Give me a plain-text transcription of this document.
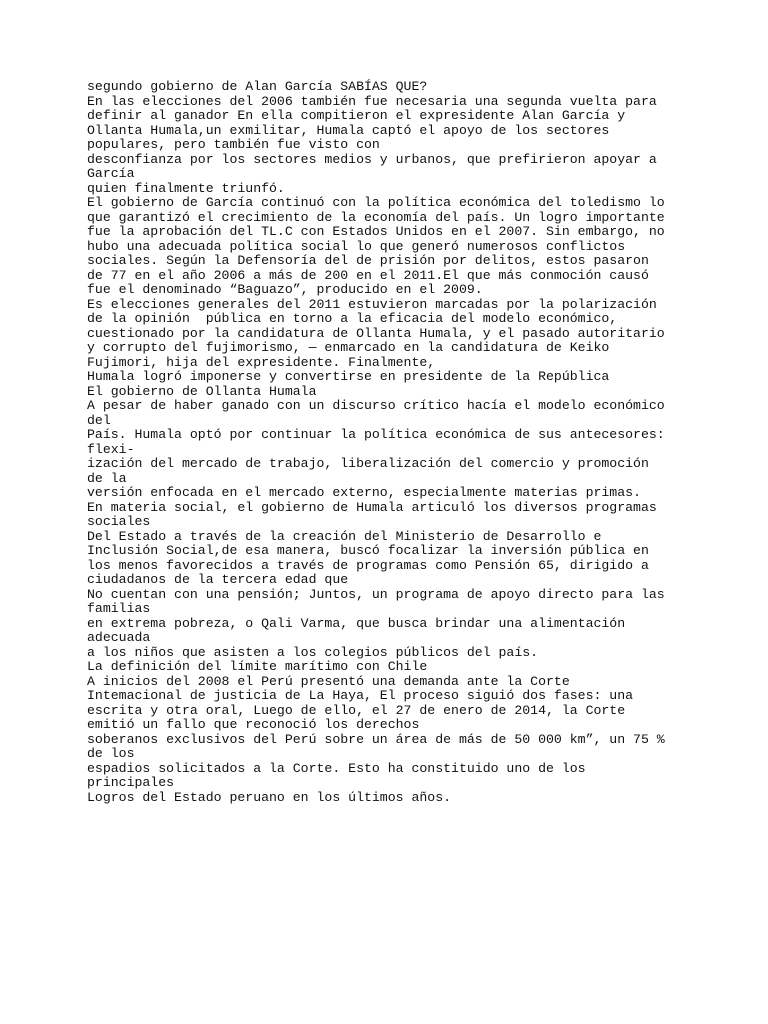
segundo gobierno de Alan García SABÍAS QUE?

En las elecciones del 2006 también fue necesaria una segunda vuelta para

definir al ganador En ella compitieron el expresidente Alan García y

Ollanta Humala,un exmilitar, Humala captó el apoyo de los sectores

populares, pero también fue visto con

desconfianza por los sectores medios y urbanos, que prefirieron apoyar a

García

quien finalmente triunfó.

El gobierno de García continuó con la política económica del toledismo lo

que garantizó el crecimiento de la economía del país. Un logro importante

fue la aprobación del TL.C con Estados Unidos en el 2007. Sin embargo, no

hubo una adecuada política social lo que generó numerosos conflictos

sociales. Según la Defensoría del de prisión por delitos, estos pasaron

de 77 en el año 2006 a más de 200 en el 2011.El que más conmoción causó

fue el denominado “Baguazo”, producido en el 2009.

Es elecciones generales del 2011 estuvieron marcadas por la polarización

de la opinión  pública en torno a la eficacia del modelo económico,

cuestionado por la candidatura de Ollanta Humala, y el pasado autoritario

y corrupto del fujimorismo, — enmarcado en la candidatura de Keiko

Fujimori, hija del expresidente. Finalmente,

Humala logró imponerse y convertirse en presidente de la República

El gobierno de Ollanta Humala

A pesar de haber ganado con un discurso crítico hacía el modelo económico

del

País. Humala optó por continuar la política económica de sus antecesores:

flexi-

ización del mercado de trabajo, liberalización del comercio y promoción

de la

versión enfocada en el mercado externo, especialmente materias primas.

En materia social, el gobierno de Humala articuló los diversos programas

sociales

Del Estado a través de la creación del Ministerio de Desarrollo e

Inclusión Social,de esa manera, buscó focalizar la inversión pública en

los menos favorecidos a través de programas como Pensión 65, dirigido a

ciudadanos de la tercera edad que

No cuentan con una pensión; Juntos, un programa de apoyo directo para las

familias

en extrema pobreza, o Qali Varma, que busca brindar una alimentación

adecuada

a los niños que asisten a los colegios públicos del país.

La definición del límite marítimo con Chile

A inicios del 2008 el Perú presentó una demanda ante la Corte

Intemacional de justicia de La Haya, El proceso siguió dos fases: una

escrita y otra oral, Luego de ello, el 27 de enero de 2014, la Corte

emitió un fallo que reconoció los derechos

soberanos exclusivos del Perú sobre un área de más de 50 000 km”, un 75 %

de los

espadios solicitados a la Corte. Esto ha constituido uno de los

principales

Logros del Estado peruano en los últimos años.
